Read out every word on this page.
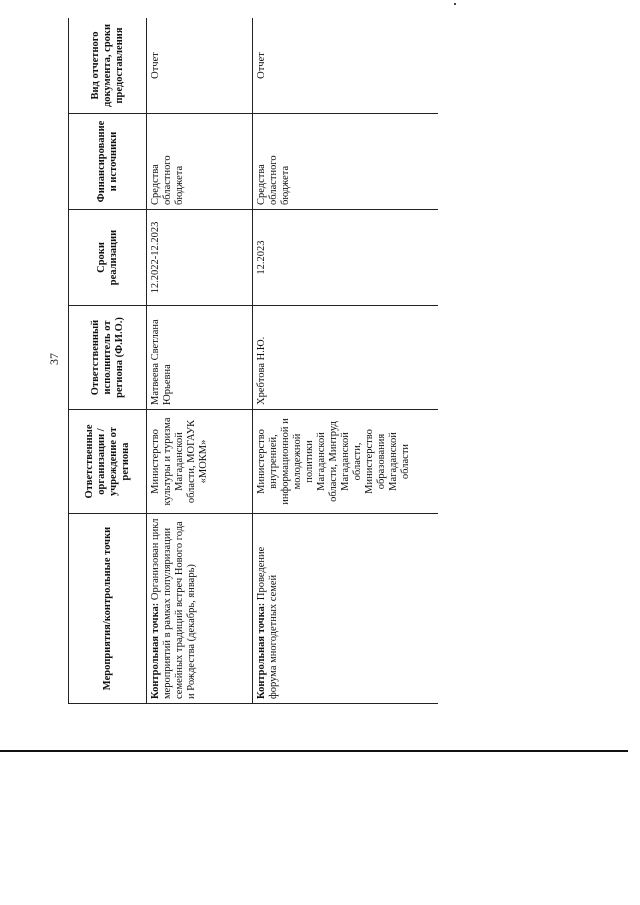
37
Мероприятия/контрольные точки	Ответственные организации / учреждение от региона	Ответственный исполнитель от региона (Ф.И.О.)	Сроки реализации	Финансирование и источники	Вид отчетного документа, сроки предоставления
Контрольная точка: Организован цикл мероприятий в рамках популяризации семейных традиций встреч Нового года и Рождества (декабрь, январь)	Министерство культуры и туризма Магаданской области, МОГАУК «МОКМ»	Матвеева Светлана Юрьевна	12.2022-12.2023	Средства областного бюджета	Отчет
Контрольная точка: Проведение форума многодетных семей	Министерство внутренней, информационной и молодежной политики Магаданской области, Минтруд Магаданской области, Министерство образования Магаданской области	Хребтова Н.Ю.	12.2023	Средства областного бюджета	Отчет
